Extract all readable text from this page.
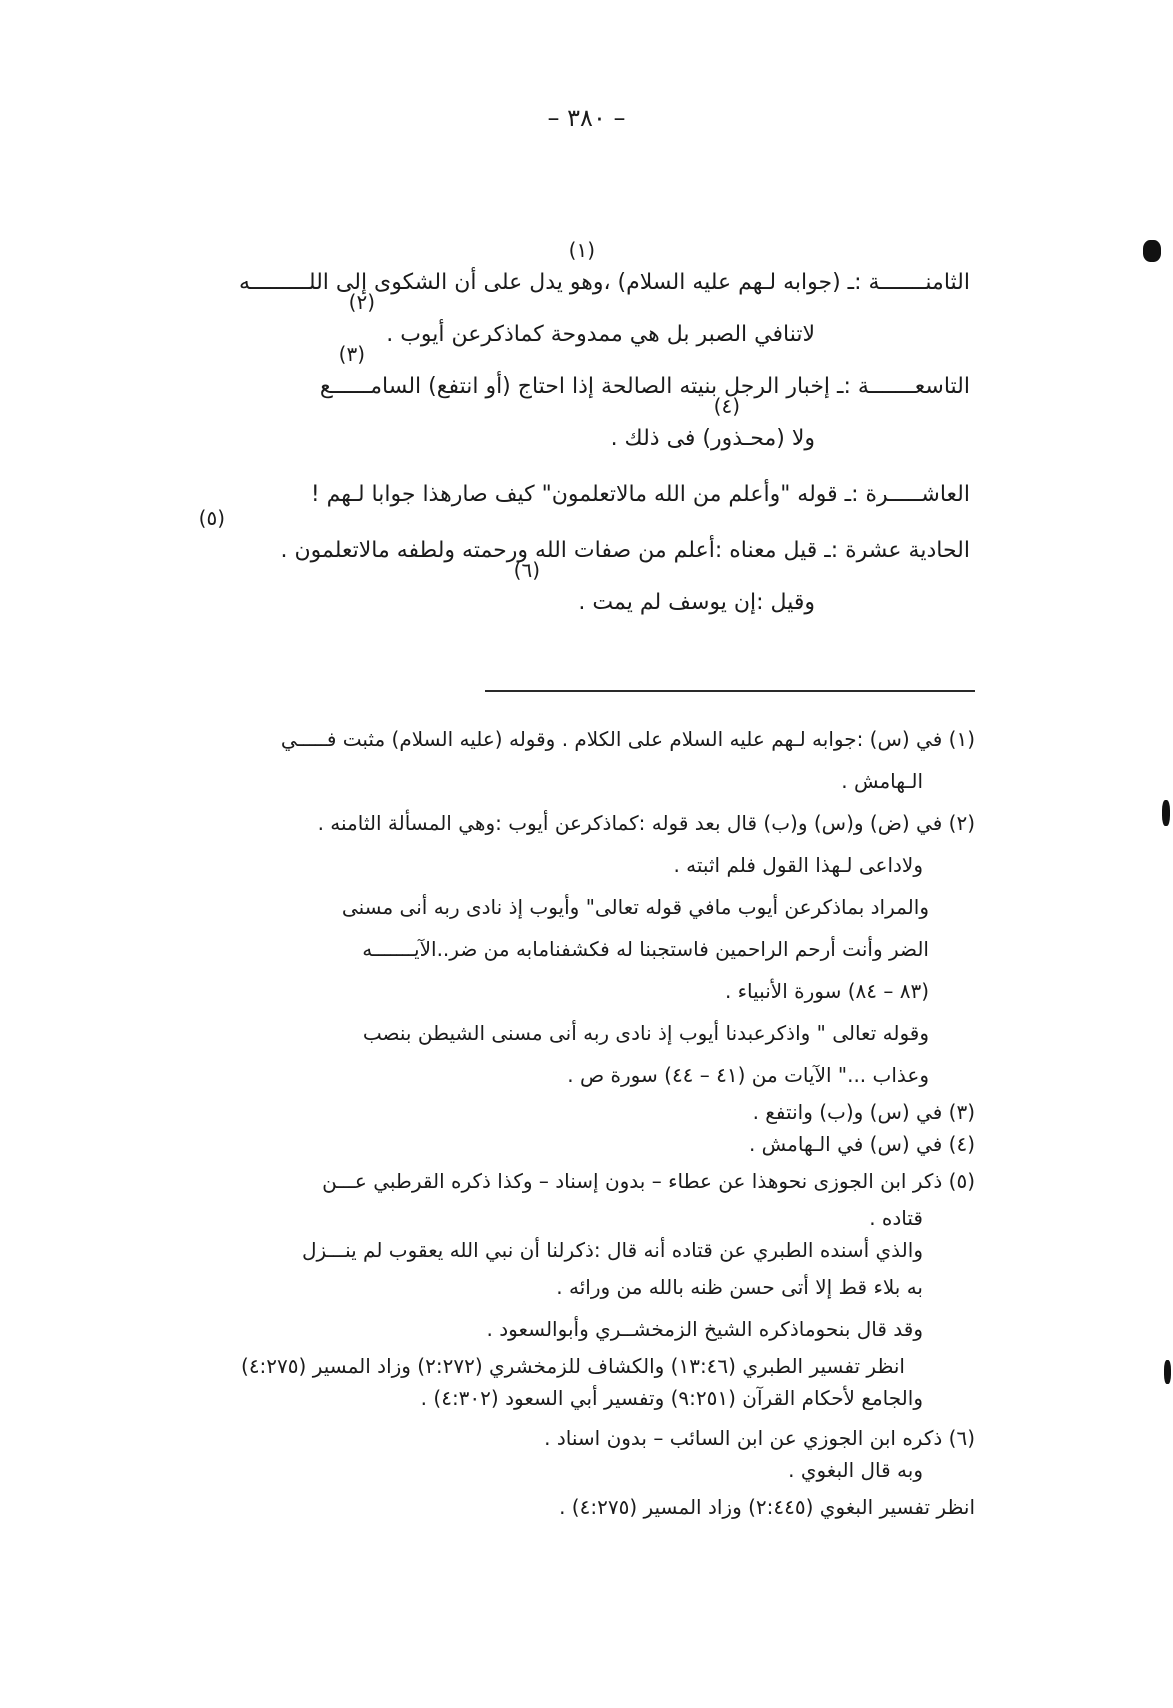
– ٣٨٠ –
(١)
الثامنـــــــة :ـ (جوابه لـهم عليه السلام) ،وهو يدل على أن الشكوى إلى اللـــــــــه
(٢)
لاتنافي الصبر بل هي ممدوحة كماذكرعن أيوب .
(٣)
التاسعـــــــة :ـ إخبار الرجل بنيته الصالحة إذا احتاج (أو انتفع) السامــــــع
(٤)
ولا (محـذور) فى ذلك .
العاشـــــرة :ـ قوله "وأعلم من الله مالاتعلمون" كيف صارهذا جوابا لـهم !
(٥)
الحادية عشرة :ـ قيل معناه :أعلم من صفات الله ورحمته ولطفه مالاتعلمون .
(٦)
وقيل :إن يوسف لم يمت .
(١) في (س) :جوابه لـهم عليه السلام على الكلام . وقوله (عليه السلام) مثبت فـــــي
الـهامش .
(٢) في (ض) و(س) و(ب) قال بعد قوله :كماذكرعن أيوب :وهي المسألة الثامنه .
ولاداعى لـهذا القول فلم اثبته .
والمراد بماذكرعن أيوب مافي قوله تعالى" وأيوب إذ نادى ربه أنى مسنى
الضر وأنت أرحم الراحمين فاستجبنا له فكشفنامابه من ضر..الآيـــــــه
(٨٣ – ٨٤) سورة الأنبياء .
وقوله تعالى " واذكرعبدنا أيوب إذ نادى ربه أنى مسنى الشيطن بنصب
وعذاب ..." الآيات من (٤١ – ٤٤) سورة ص .
(٣) في (س) و(ب) وانتفع .
(٤) في (س) في الـهامش .
(٥) ذكر ابن الجوزى نحوهذا عن عطاء – بدون إسناد – وكذا ذكره القرطبي عـــن
قتاده .
والذي أسنده الطبري عن قتاده أنه قال :ذكرلنا أن نبي الله يعقوب لم ينـــزل
به بلاء قط إلا أتى حسن ظنه بالله من ورائه .
وقد قال بنحوماذكره الشيخ الزمخشــري وأبوالسعود .
انظر تفسير الطبري (١٣:٤٦) والكشاف للزمخشري (٢:٢٧٢) وزاد المسير (٤:٢٧٥)
والجامع لأحكام القرآن (٩:٢٥١) وتفسير أبي السعود (٤:٣٠٢) .
(٦) ذكره ابن الجوزي عن ابن السائب – بدون اسناد .
وبه قال البغوي .
انظر تفسير البغوي (٢:٤٤٥) وزاد المسير (٤:٢٧٥) .
